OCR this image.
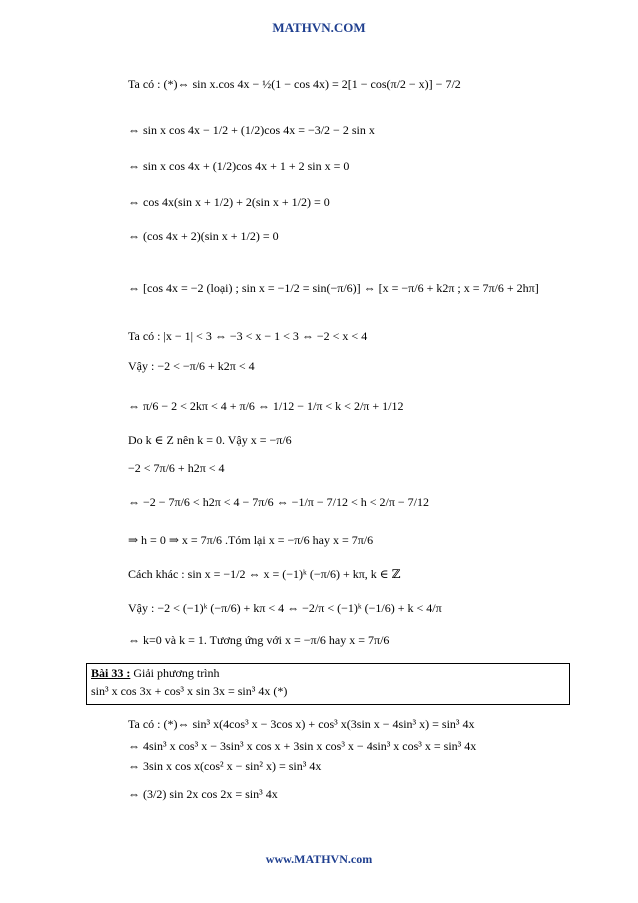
MATHVN.COM
Ta có : (*)⇔ sin x.cos 4x − ½(1 − cos 4x) = 2[1 − cos(π/2 − x)] − 7/2
⇔ sin x cos 4x − 1/2 + (1/2)cos 4x = −3/2 − 2 sin x
⇔ sin x cos 4x + (1/2)cos 4x + 1 + 2 sin x = 0
⇔ cos 4x(sin x + 1/2) + 2(sin x + 1/2) = 0
⇔ (cos 4x + 2)(sin x + 1/2) = 0
⇔ [cos 4x = −2 (loại) ; sin x = −1/2 = sin(−π/6)] ⇔ [x = −π/6 + k2π ; x = 7π/6 + 2hπ]
Ta có : |x − 1| < 3 ⇔ −3 < x − 1 < 3 ⇔ −2 < x < 4
Vậy : −2 < −π/6 + k2π < 4
⇔ π/6 − 2 < 2kπ < 4 + π/6 ⇔ 1/12 − 1/π < k < 2/π + 1/12
Do k ∈ Z nên k = 0. Vậy x = −π/6
−2 < 7π/6 + h2π < 4
⇔ −2 − 7π/6 < h2π < 4 − 7π/6 ⇔ −1/π − 7/12 < h < 2/π − 7/12
⇒ h = 0 ⇒ x = 7π/6 .Tóm lại x = −π/6 hay x = 7π/6
Cách khác : sin x = −1/2 ⇔ x = (−1)ᵏ (−π/6) + kπ, k ∈ ℤ
Vậy : −2 < (−1)ᵏ (−π/6) + kπ < 4 ⇔ −2/π < (−1)ᵏ (−1/6) + k < 4/π
⇔ k=0 và k = 1. Tương ứng với x = −π/6 hay x = 7π/6
Bài 33 : Giải phương trình
sin³ x cos 3x + cos³ x sin 3x = sin³ 4x (*)
Ta có : (*)⇔ sin³ x(4cos³ x − 3cos x) + cos³ x(3sin x − 4sin³ x) = sin³ 4x
⇔ 4sin³ x cos³ x − 3sin³ x cos x + 3sin x cos³ x − 4sin³ x cos³ x = sin³ 4x
⇔ 3sin x cos x(cos² x − sin² x) = sin³ 4x
⇔ (3/2) sin 2x cos 2x = sin³ 4x
www.MATHVN.com
